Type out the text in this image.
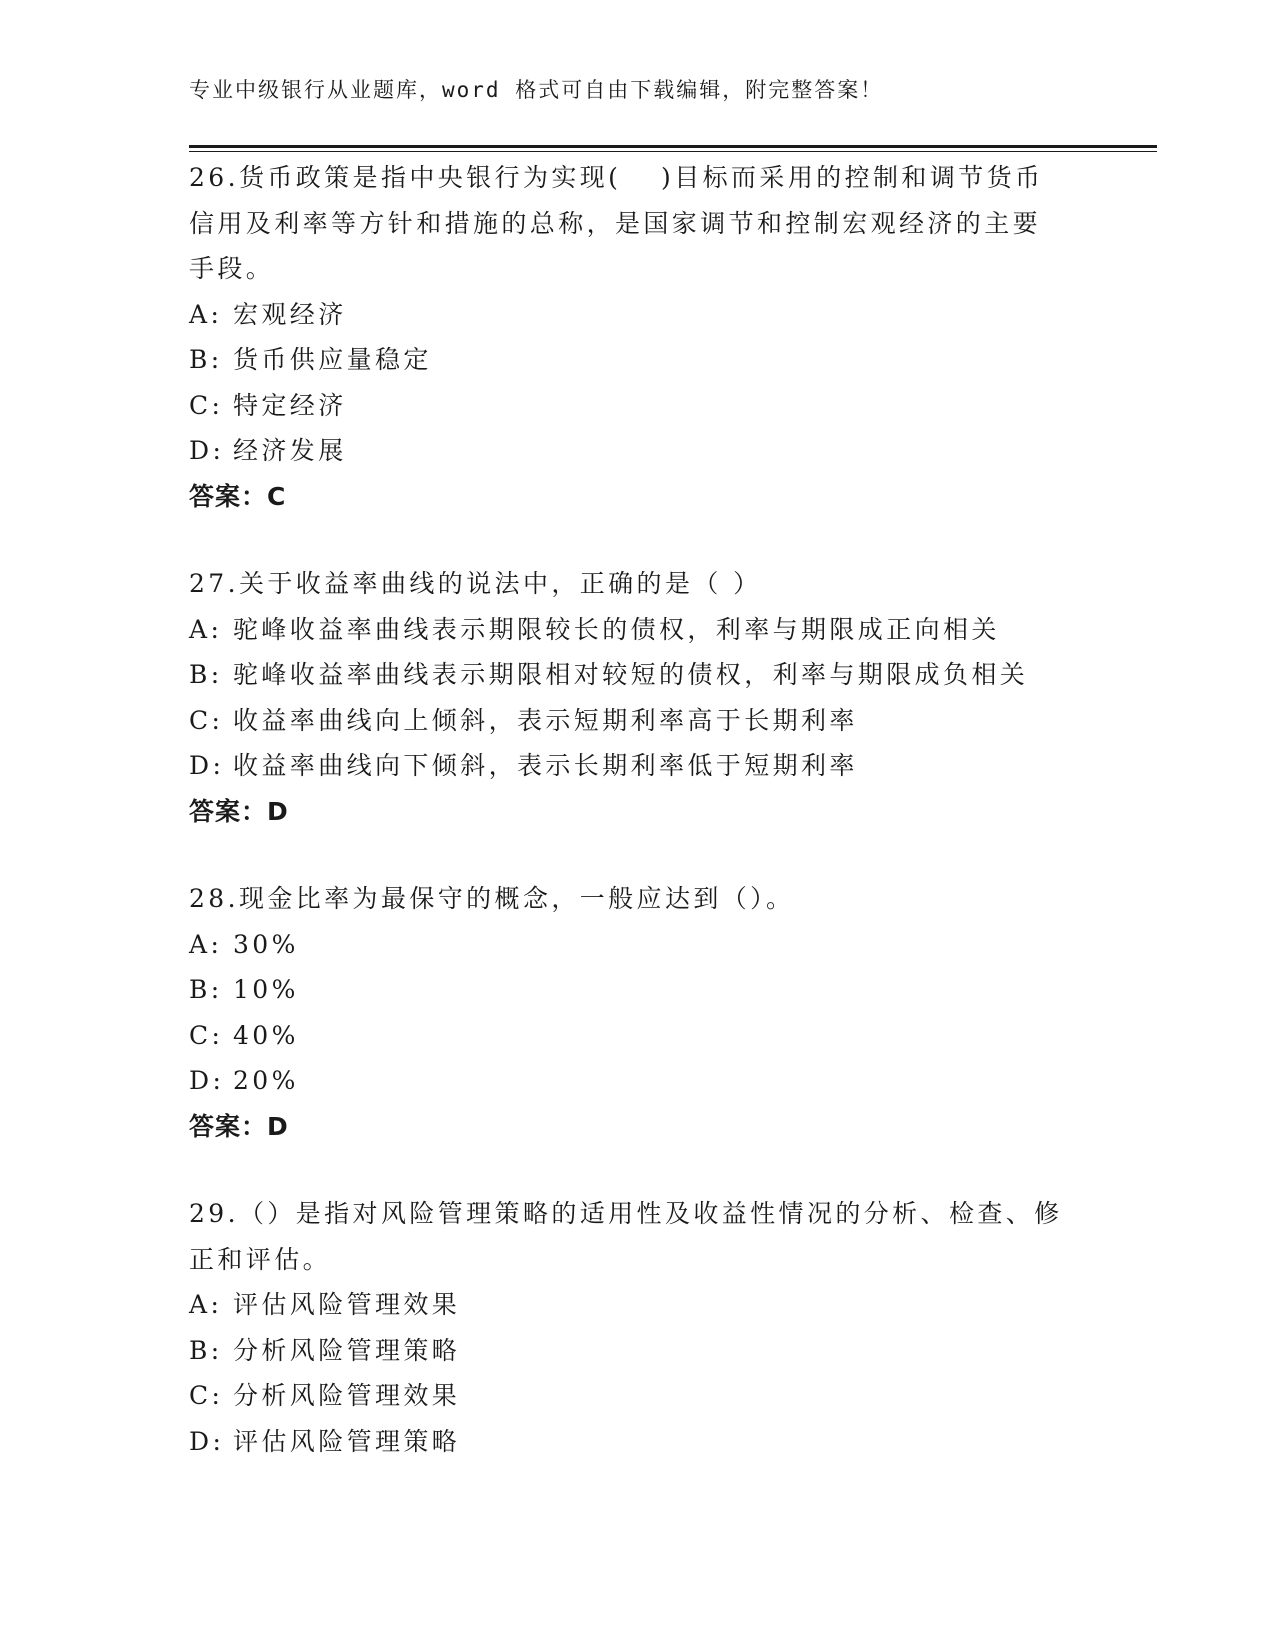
专业中级银行从业题库，word 格式可自由下载编辑，附完整答案！
26.货币政策是指中央银行为实现(　 )目标而采用的控制和调节货币
信用及利率等方针和措施的总称，是国家调节和控制宏观经济的主要
手段。
A: 宏观经济
B: 货币供应量稳定
C: 特定经济
D: 经济发展
答案：C
27.关于收益率曲线的说法中，正确的是（ ）
A: 驼峰收益率曲线表示期限较长的债权，利率与期限成正向相关
B: 驼峰收益率曲线表示期限相对较短的债权，利率与期限成负相关
C: 收益率曲线向上倾斜，表示短期利率高于长期利率
D: 收益率曲线向下倾斜，表示长期利率低于短期利率
答案：D
28.现金比率为最保守的概念，一般应达到（）。
A: 30%
B: 10%
C: 40%
D: 20%
答案：D
29.（）是指对风险管理策略的适用性及收益性情况的分析、检查、修
正和评估。
A: 评估风险管理效果
B: 分析风险管理策略
C: 分析风险管理效果
D: 评估风险管理策略
